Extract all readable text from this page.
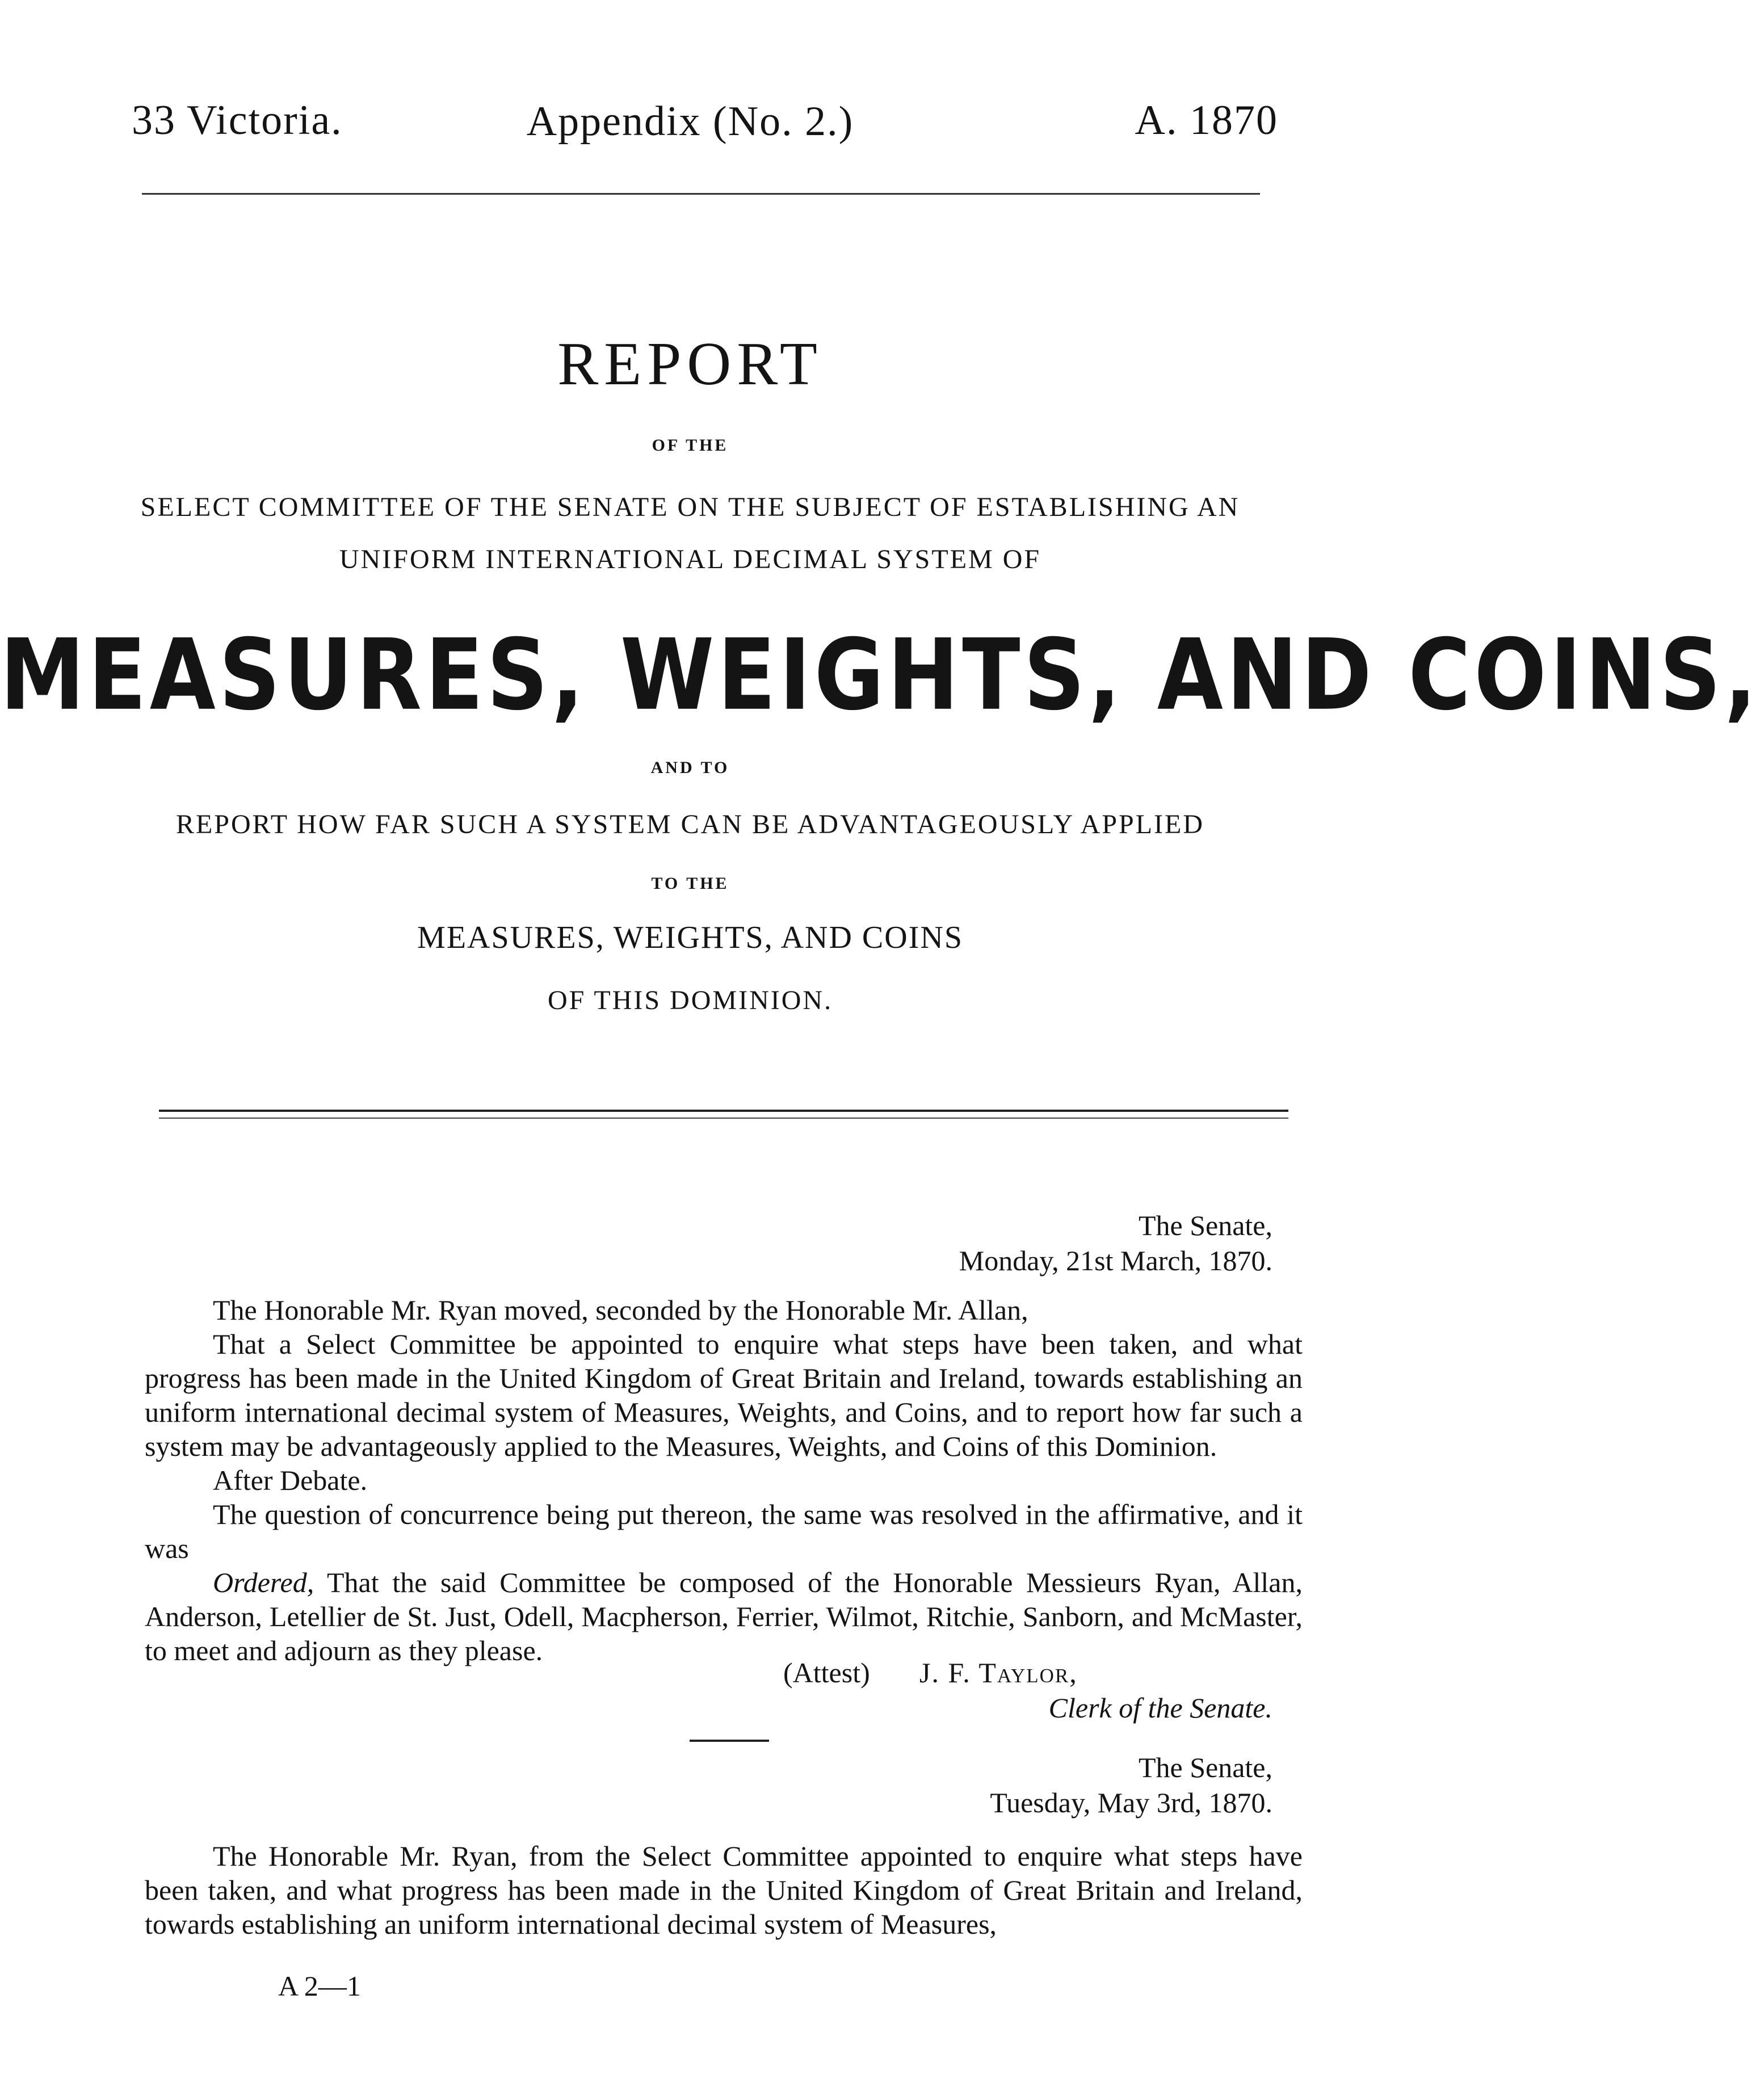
33 Victoria.	Appendix (No. 2.)	A. 1870
REPORT
OF THE
SELECT COMMITTEE OF THE SENATE ON THE SUBJECT OF ESTABLISHING AN
UNIFORM INTERNATIONAL DECIMAL SYSTEM OF
MEASURES, WEIGHTS, AND COINS,
AND TO
REPORT HOW FAR SUCH A SYSTEM CAN BE ADVANTAGEOUSLY APPLIED
TO THE
MEASURES, WEIGHTS, AND COINS
OF THIS DOMINION.
The Senate,
Monday, 21st March, 1870.

The Honorable Mr. Ryan moved, seconded by the Honorable Mr. Allan,

That a Select Committee be appointed to enquire what steps have been taken, and what progress has been made in the United Kingdom of Great Britain and Ireland, towards establishing an uniform international decimal system of Measures, Weights, and Coins, and to report how far such a system may be advantageously applied to the Measures, Weights, and Coins of this Dominion.

After Debate.

The question of concurrence being put thereon, the same was resolved in the affirmative, and it was

Ordered, That the said Committee be composed of the Honorable Messieurs Ryan, Allan, Anderson, Letellier de St. Just, Odell, Macpherson, Ferrier, Wilmot, Ritchie, Sanborn, and McMaster, to meet and adjourn as they please.

(Attest) J. F. Taylor,
Clerk of the Senate.
The Senate,
Tuesday, May 3rd, 1870.

The Honorable Mr. Ryan, from the Select Committee appointed to enquire what steps have been taken, and what progress has been made in the United Kingdom of Great Britain and Ireland, towards establishing an uniform international decimal system of Measures,

A 2—1
